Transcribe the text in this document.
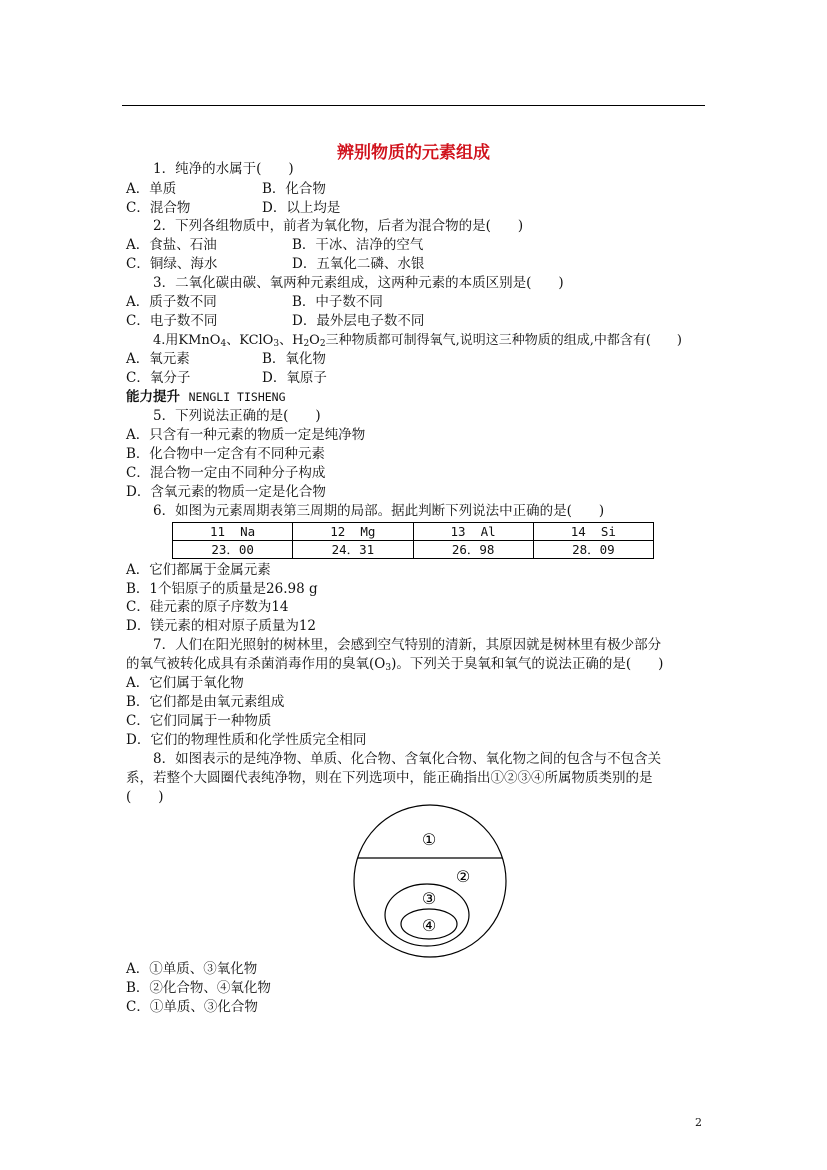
辨别物质的元素组成
1．纯净的水属于(　　)
A．单质	B．化合物
C．混合物	D．以上均是
2．下列各组物质中，前者为氧化物，后者为混合物的是(　　)
A．食盐、石油	B．干冰、洁净的空气
C．铜绿、海水	D．五氧化二磷、水银
3．二氧化碳由碳、氧两种元素组成，这两种元素的本质区别是(　　)
A．质子数不同	B．中子数不同
C．电子数不同	D．最外层电子数不同
4.用KMnO$_4$、KClO$_3$、$H_2O_2$三种物质都可制得氧气,说明这三种物质的组成,中都含有(　　)
A．氧元素	B．氧化物
C．氧分子	D．氧原子
能力提升 NENGLI TISHENG
5．下列说法正确的是(　　)
A．只含有一种元素的物质一定是纯净物
B．化合物中一定含有不同种元素
C．混合物一定由不同种分子构成
D．含氧元素的物质一定是化合物
6．如图为元素周期表第三周期的局部。据此判断下列说法中正确的是(　　)
11 Na	12 Mg	13 Al	14 Si
23．00	24．31	26．98	28．09
A．它们都属于金属元素
B．1个铝原子的质量是26.98 g
C．硅元素的原子序数为14
D．镁元素的相对原子质量为12
7．人们在阳光照射的树林里，会感到空气特别的清新，其原因就是树林里有极少部分
的氧气被转化成具有杀菌消毒作用的臭氧$(O_3)$。下列关于臭氧和氧气的说法正确的是(　　)
A．它们属于氧化物
B．它们都是由氧元素组成
C．它们同属于一种物质
D．它们的物理性质和化学性质完全相同
8．如图表示的是纯净物、单质、化合物、含氧化合物、氧化物之间的包含与不包含关
系，若整个大圆圈代表纯净物，则在下列选项中，能正确指出①②③④所属物质类别的是
(　　)
①
②
③
④
A．①单质、③氧化物
B．②化合物、④氧化物
C．①单质、③化合物
2
